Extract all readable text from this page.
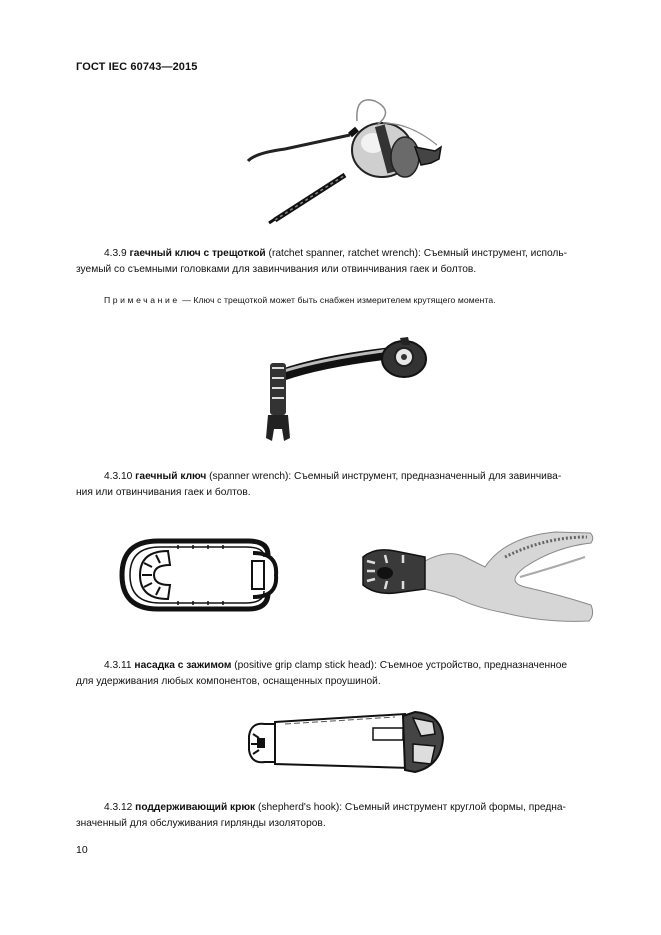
ГОСТ IEC 60743—2015
4.3.9 гаечный ключ с трещоткой (ratchet spanner, ratchet wrench): Съемный инструмент, исполь-
зуемый со съемными головками для завинчивания или отвинчивания гаек и болтов.
Примечание — Ключ с трещоткой может быть снабжен измерителем крутящего момента.
4.3.10 гаечный ключ (spanner wrench): Съемный инструмент, предназначенный для завинчива-
ния или отвинчивания гаек и болтов.
4.3.11 насадка с зажимом (positive grip clamp stick head): Съемное устройство, предназначенное
для удерживания любых компонентов, оснащенных проушиной.
4.3.12 поддерживающий крюк (shepherd's hook): Съемный инструмент круглой формы, предна-
значенный для обслуживания гирлянды изоляторов.
10
